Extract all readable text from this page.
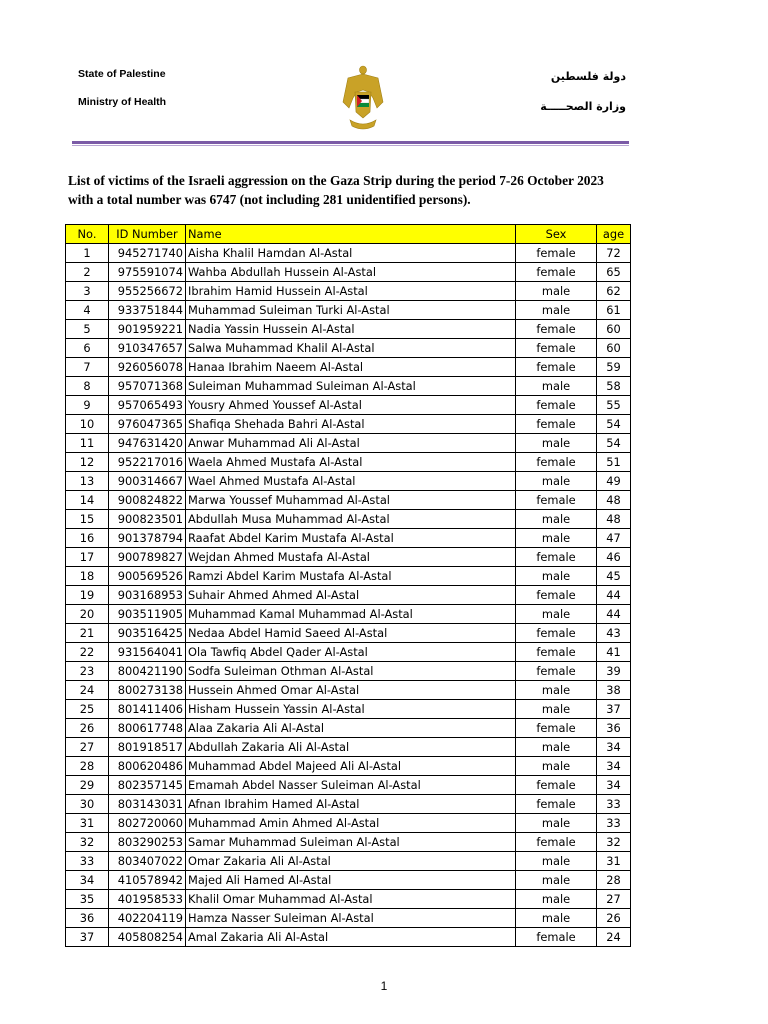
State of Palestine
Ministry of Health
دولة فلسطين
وزارة الصحـــــة
List of victims of the Israeli aggression on the Gaza Strip during the period 7-26 October 2023 with a total number was 6747 (not including 281 unidentified persons).
No.	ID Number	Name	Sex	age
1	945271740	Aisha Khalil Hamdan Al-Astal	female	72
2	975591074	Wahba Abdullah Hussein Al-Astal	female	65
3	955256672	Ibrahim Hamid Hussein Al-Astal	male	62
4	933751844	Muhammad Suleiman Turki Al-Astal	male	61
5	901959221	Nadia Yassin Hussein Al-Astal	female	60
6	910347657	Salwa Muhammad Khalil Al-Astal	female	60
7	926056078	Hanaa Ibrahim Naeem Al-Astal	female	59
8	957071368	Suleiman Muhammad Suleiman Al-Astal	male	58
9	957065493	Yousry Ahmed Youssef Al-Astal	female	55
10	976047365	Shafiqa Shehada Bahri Al-Astal	female	54
11	947631420	Anwar Muhammad Ali Al-Astal	male	54
12	952217016	Waela Ahmed Mustafa Al-Astal	female	51
13	900314667	Wael Ahmed Mustafa Al-Astal	male	49
14	900824822	Marwa Youssef Muhammad Al-Astal	female	48
15	900823501	Abdullah Musa Muhammad Al-Astal	male	48
16	901378794	Raafat Abdel Karim Mustafa Al-Astal	male	47
17	900789827	Wejdan Ahmed Mustafa Al-Astal	female	46
18	900569526	Ramzi Abdel Karim Mustafa Al-Astal	male	45
19	903168953	Suhair Ahmed Ahmed Al-Astal	female	44
20	903511905	Muhammad Kamal Muhammad Al-Astal	male	44
21	903516425	Nedaa Abdel Hamid Saeed Al-Astal	female	43
22	931564041	Ola Tawfiq Abdel Qader Al-Astal	female	41
23	800421190	Sodfa Suleiman Othman Al-Astal	female	39
24	800273138	Hussein Ahmed Omar Al-Astal	male	38
25	801411406	Hisham Hussein Yassin Al-Astal	male	37
26	800617748	Alaa Zakaria Ali Al-Astal	female	36
27	801918517	Abdullah Zakaria Ali Al-Astal	male	34
28	800620486	Muhammad Abdel Majeed Ali Al-Astal	male	34
29	802357145	Emamah Abdel Nasser Suleiman Al-Astal	female	34
30	803143031	Afnan Ibrahim Hamed Al-Astal	female	33
31	802720060	Muhammad Amin Ahmed Al-Astal	male	33
32	803290253	Samar Muhammad Suleiman Al-Astal	female	32
33	803407022	Omar Zakaria Ali Al-Astal	male	31
34	410578942	Majed Ali Hamed Al-Astal	male	28
35	401958533	Khalil Omar Muhammad Al-Astal	male	27
36	402204119	Hamza Nasser Suleiman Al-Astal	male	26
37	405808254	Amal Zakaria Ali Al-Astal	female	24
1
